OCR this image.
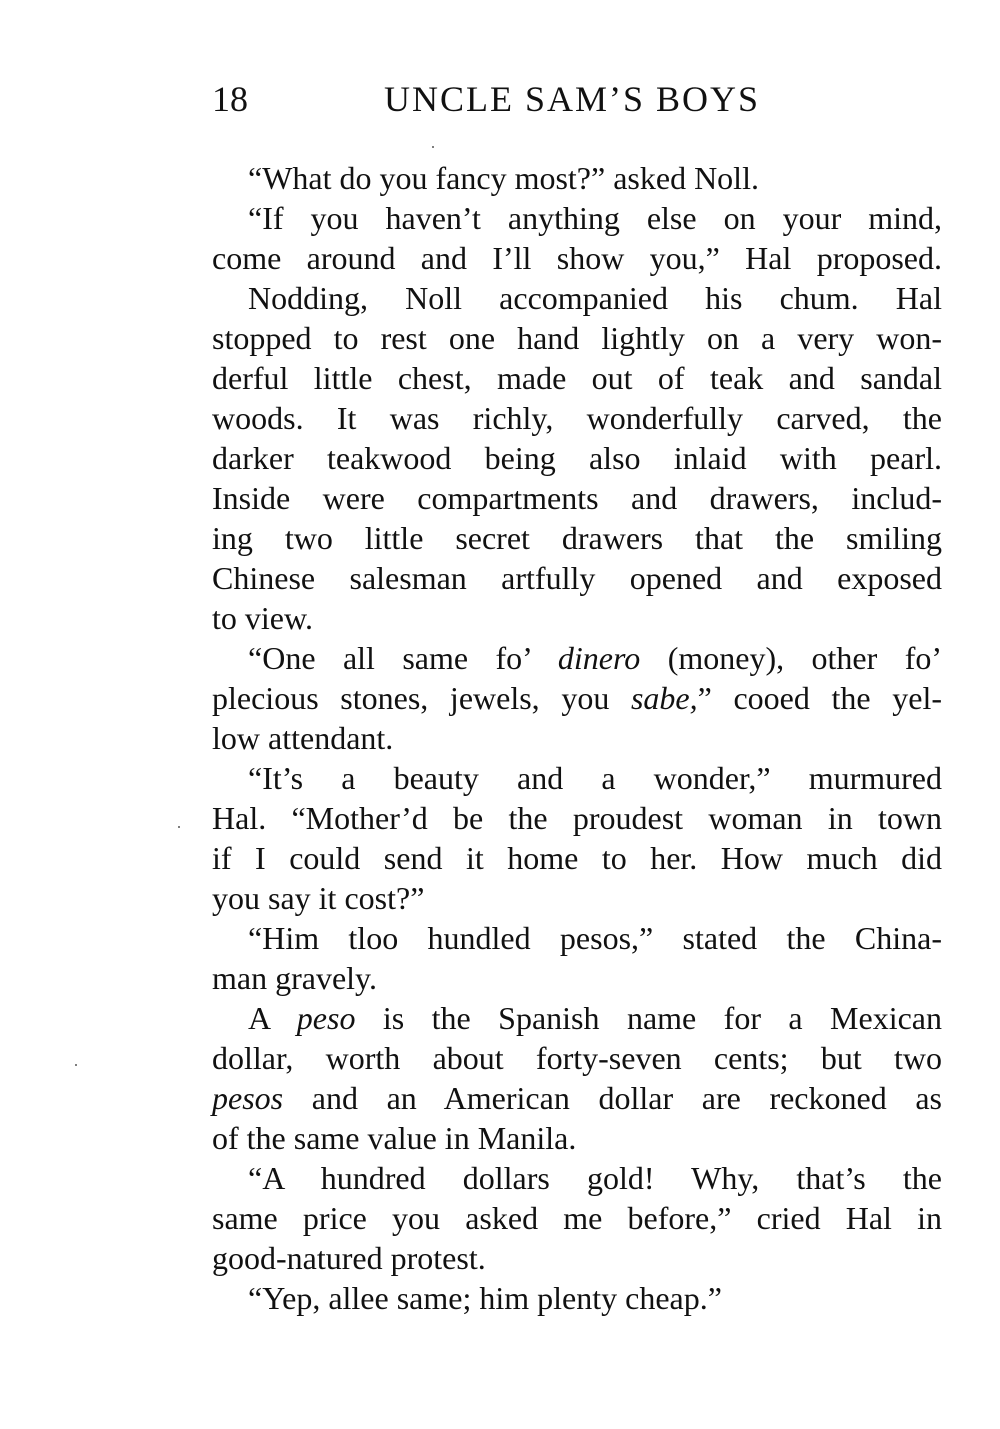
18	UNCLE SAM’S BOYS
“What do you fancy most?” asked Noll.
“If you haven’t anything else on your mind,
come around and I’ll show you,” Hal proposed.
Nodding, Noll accompanied his chum. Hal
stopped to rest one hand lightly on a very won-
derful little chest, made out of teak and sandal
woods. It was richly, wonderfully carved, the
darker teakwood being also inlaid with pearl.
Inside were compartments and drawers, includ-
ing two little secret drawers that the smiling
Chinese salesman artfully opened and exposed
to view.
“One all same fo’ dinero (money), other fo’
plecious stones, jewels, you sabe,” cooed the yel-
low attendant.
“It’s a beauty and a wonder,” murmured
Hal. “Mother’d be the proudest woman in town
if I could send it home to her. How much did
you say it cost?”
“Him tloo hundled pesos,” stated the China-
man gravely.
A peso is the Spanish name for a Mexican
dollar, worth about forty-seven cents; but two
pesos and an American dollar are reckoned as
of the same value in Manila.
“A hundred dollars gold! Why, that’s the
same price you asked me before,” cried Hal in
good-natured protest.
“Yep, allee same; him plenty cheap.”
